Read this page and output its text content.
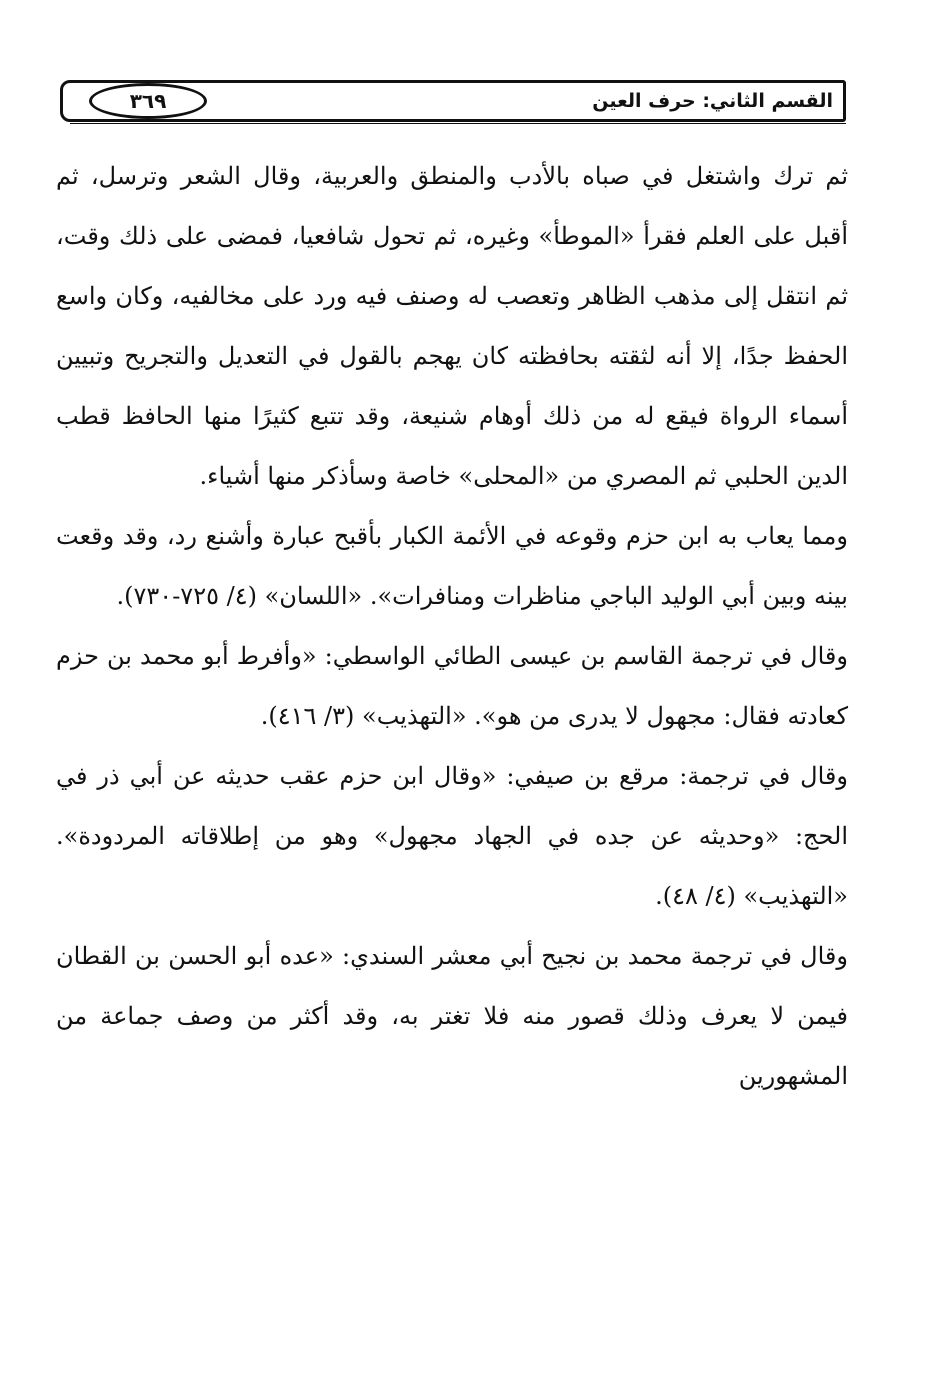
القسم الثاني: حرف العين
٣٦٩

ثم ترك واشتغل في صباه بالأدب والمنطق والعربية، وقال الشعر وترسل، ثم أقبل على العلم فقرأ «الموطأ» وغيره، ثم تحول شافعيا، فمضى على ذلك وقت، ثم انتقل إلى مذهب الظاهر وتعصب له وصنف فيه ورد على مخالفيه، وكان واسع الحفظ جدًا، إلا أنه لثقته بحافظته كان يهجم بالقول في التعديل والتجريح وتبيين أسماء الرواة فيقع له من ذلك أوهام شنيعة، وقد تتبع كثيرًا منها الحافظ قطب الدين الحلبي ثم المصري من «المحلى» خاصة وسأذكر منها أشياء.

ومما يعاب به ابن حزم وقوعه في الأئمة الكبار بأقبح عبارة وأشنع رد، وقد وقعت بينه وبين أبي الوليد الباجي مناظرات ومنافرات». «اللسان» (٤/ ٧٢٥-٧٣٠).

وقال في ترجمة القاسم بن عيسى الطائي الواسطي: «وأفرط أبو محمد بن حزم كعادته فقال: مجهول لا يدرى من هو». «التهذيب» (٣/ ٤١٦).

وقال في ترجمة: مرقع بن صيفي: «وقال ابن حزم عقب حديثه عن أبي ذر في الحج: «وحديثه عن جده في الجهاد مجهول» وهو من إطلاقاته المردودة». «التهذيب» (٤/ ٤٨).

وقال في ترجمة محمد بن نجيح أبي معشر السندي: «عده أبو الحسن بن القطان فيمن لا يعرف وذلك قصور منه فلا تغتر به، وقد أكثر من وصف جماعة من المشهورين
